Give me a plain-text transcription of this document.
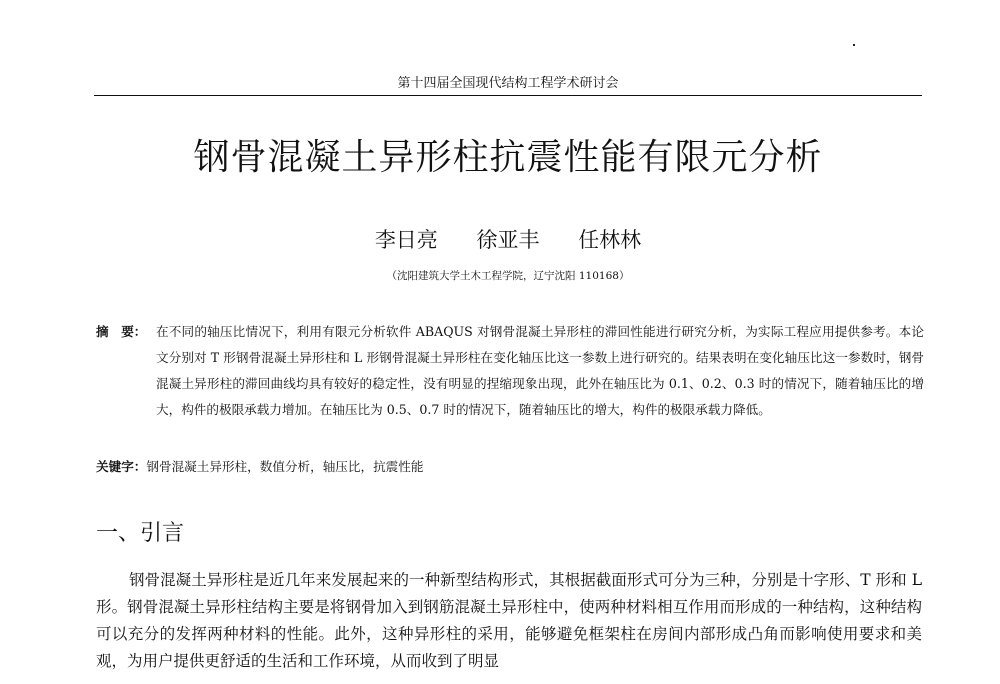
第十四届全国现代结构工程学术研讨会
钢骨混凝土异形柱抗震性能有限元分析
李日亮 徐亚丰 任林林
（沈阳建筑大学土木工程学院，辽宁沈阳 110168）
摘　要： 在不同的轴压比情况下，利用有限元分析软件 ABAQUS 对钢骨混凝土异形柱的滞回性能进行研究分析，为实际工程应用提供参考。本论文分别对 T 形钢骨混凝土异形柱和 L 形钢骨混凝土异形柱在变化轴压比这一参数上进行研究的。结果表明在变化轴压比这一参数时，钢骨混凝土异形柱的滞回曲线均具有较好的稳定性，没有明显的捏缩现象出现，此外在轴压比为 0.1、0.2、0.3 时的情况下，随着轴压比的增大，构件的极限承载力增加。在轴压比为 0.5、0.7 时的情况下，随着轴压比的增大，构件的极限承载力降低。
关键字：钢骨混凝土异形柱，数值分析，轴压比，抗震性能
一、引言

钢骨混凝土异形柱是近几年来发展起来的一种新型结构形式，其根据截面形式可分为三种，分别是十字形、T 形和 L 形。钢骨混凝土异形柱结构主要是将钢骨加入到钢筋混凝土异形柱中，使两种材料相互作用而形成的一种结构，这种结构可以充分的发挥两种材料的性能。此外，这种异形柱的采用，能够避免框架柱在房间内部形成凸角而影响使用要求和美观，为用户提供更舒适的生活和工作环境，从而收到了明显
